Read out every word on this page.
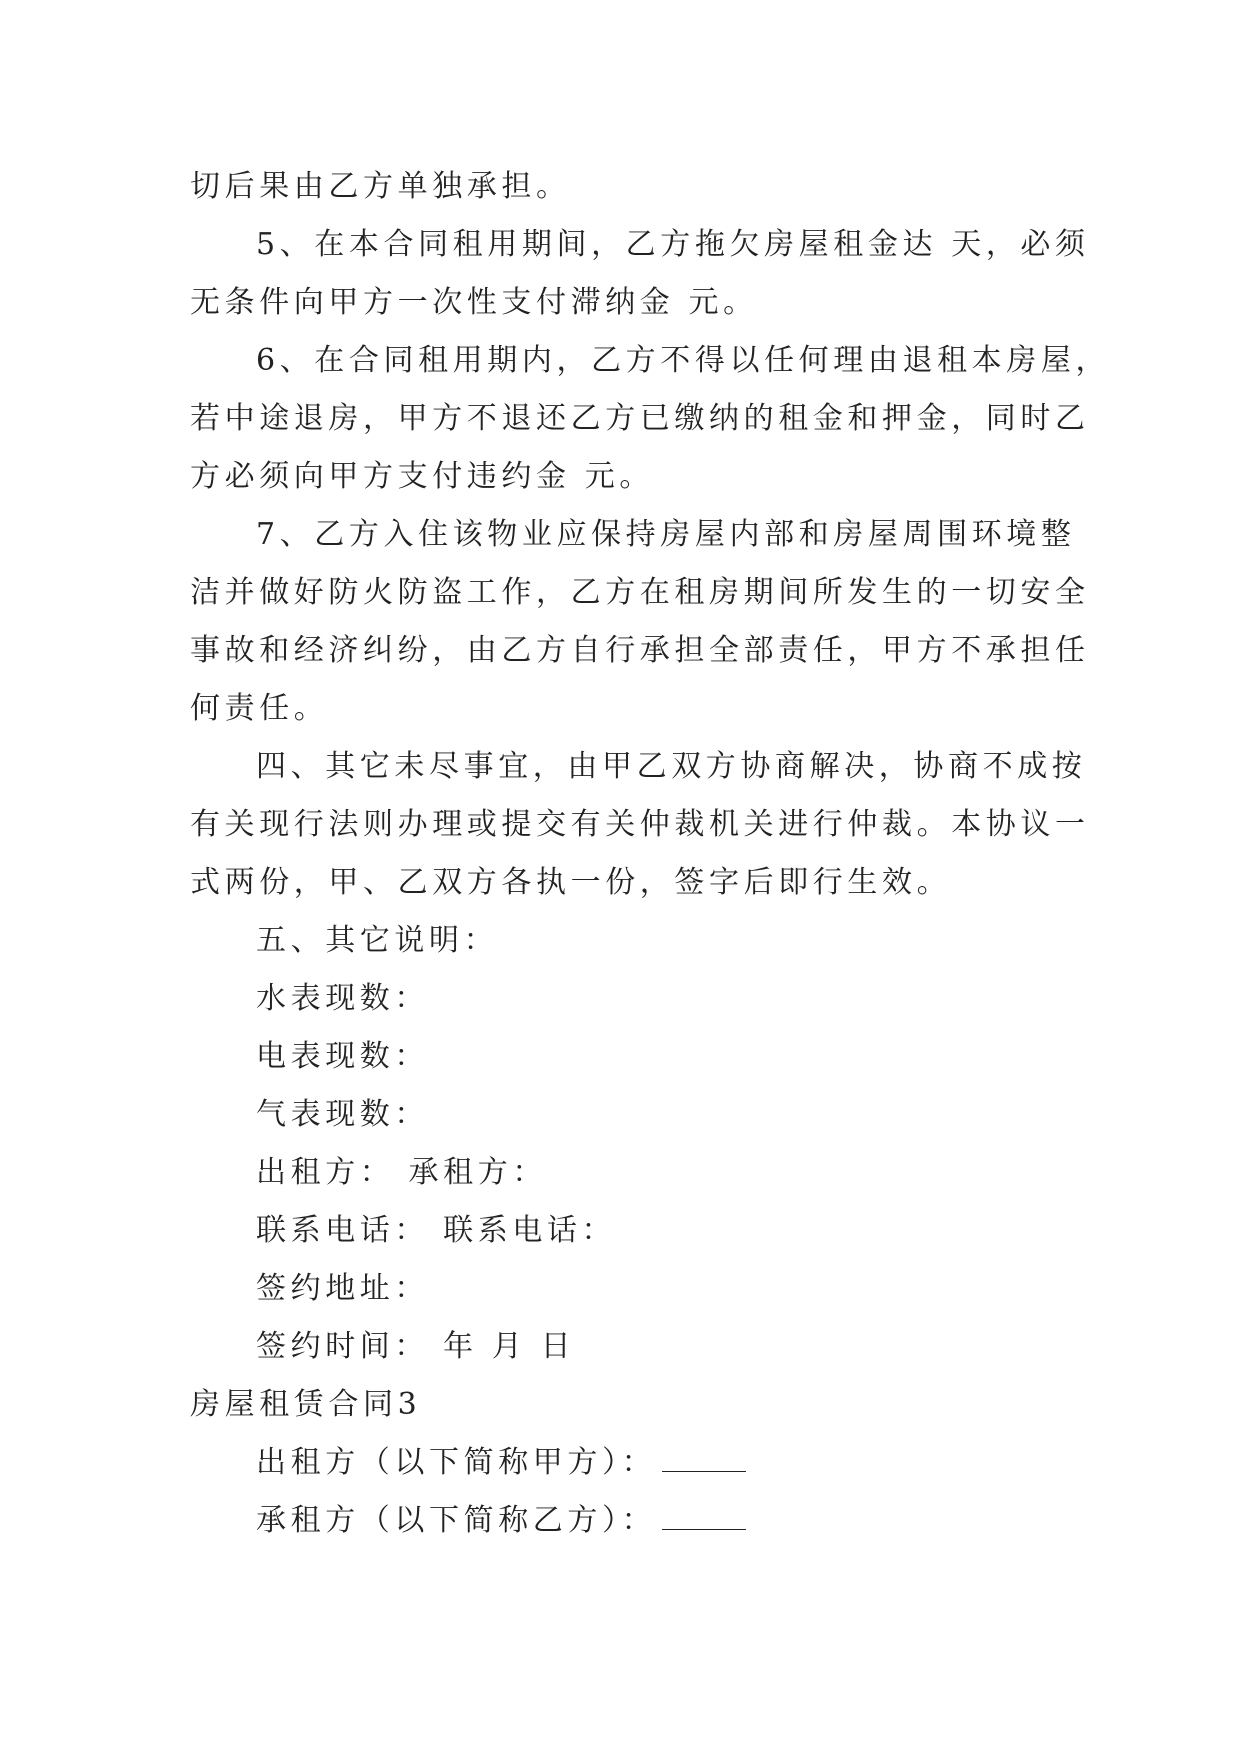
切后果由乙方单独承担。
5、在本合同租用期间，乙方拖欠房屋租金达 天，必须
无条件向甲方一次性支付滞纳金 元。
6、在合同租用期内，乙方不得以任何理由退租本房屋，
若中途退房，甲方不退还乙方已缴纳的租金和押金，同时乙
方必须向甲方支付违约金 元。
7、乙方入住该物业应保持房屋内部和房屋周围环境整
洁并做好防火防盗工作，乙方在租房期间所发生的一切安全
事故和经济纠纷，由乙方自行承担全部责任，甲方不承担任
何责任。
四、其它未尽事宜，由甲乙双方协商解决，协商不成按
有关现行法则办理或提交有关仲裁机关进行仲裁。本协议一
式两份，甲、乙双方各执一份，签字后即行生效。
五、其它说明：
水表现数：
电表现数：
气表现数：
出租方： 承租方：
联系电话： 联系电话：
签约地址：
签约时间： 年 月 日
房屋租赁合同3
出租方（以下简称甲方）：
承租方（以下简称乙方）：
